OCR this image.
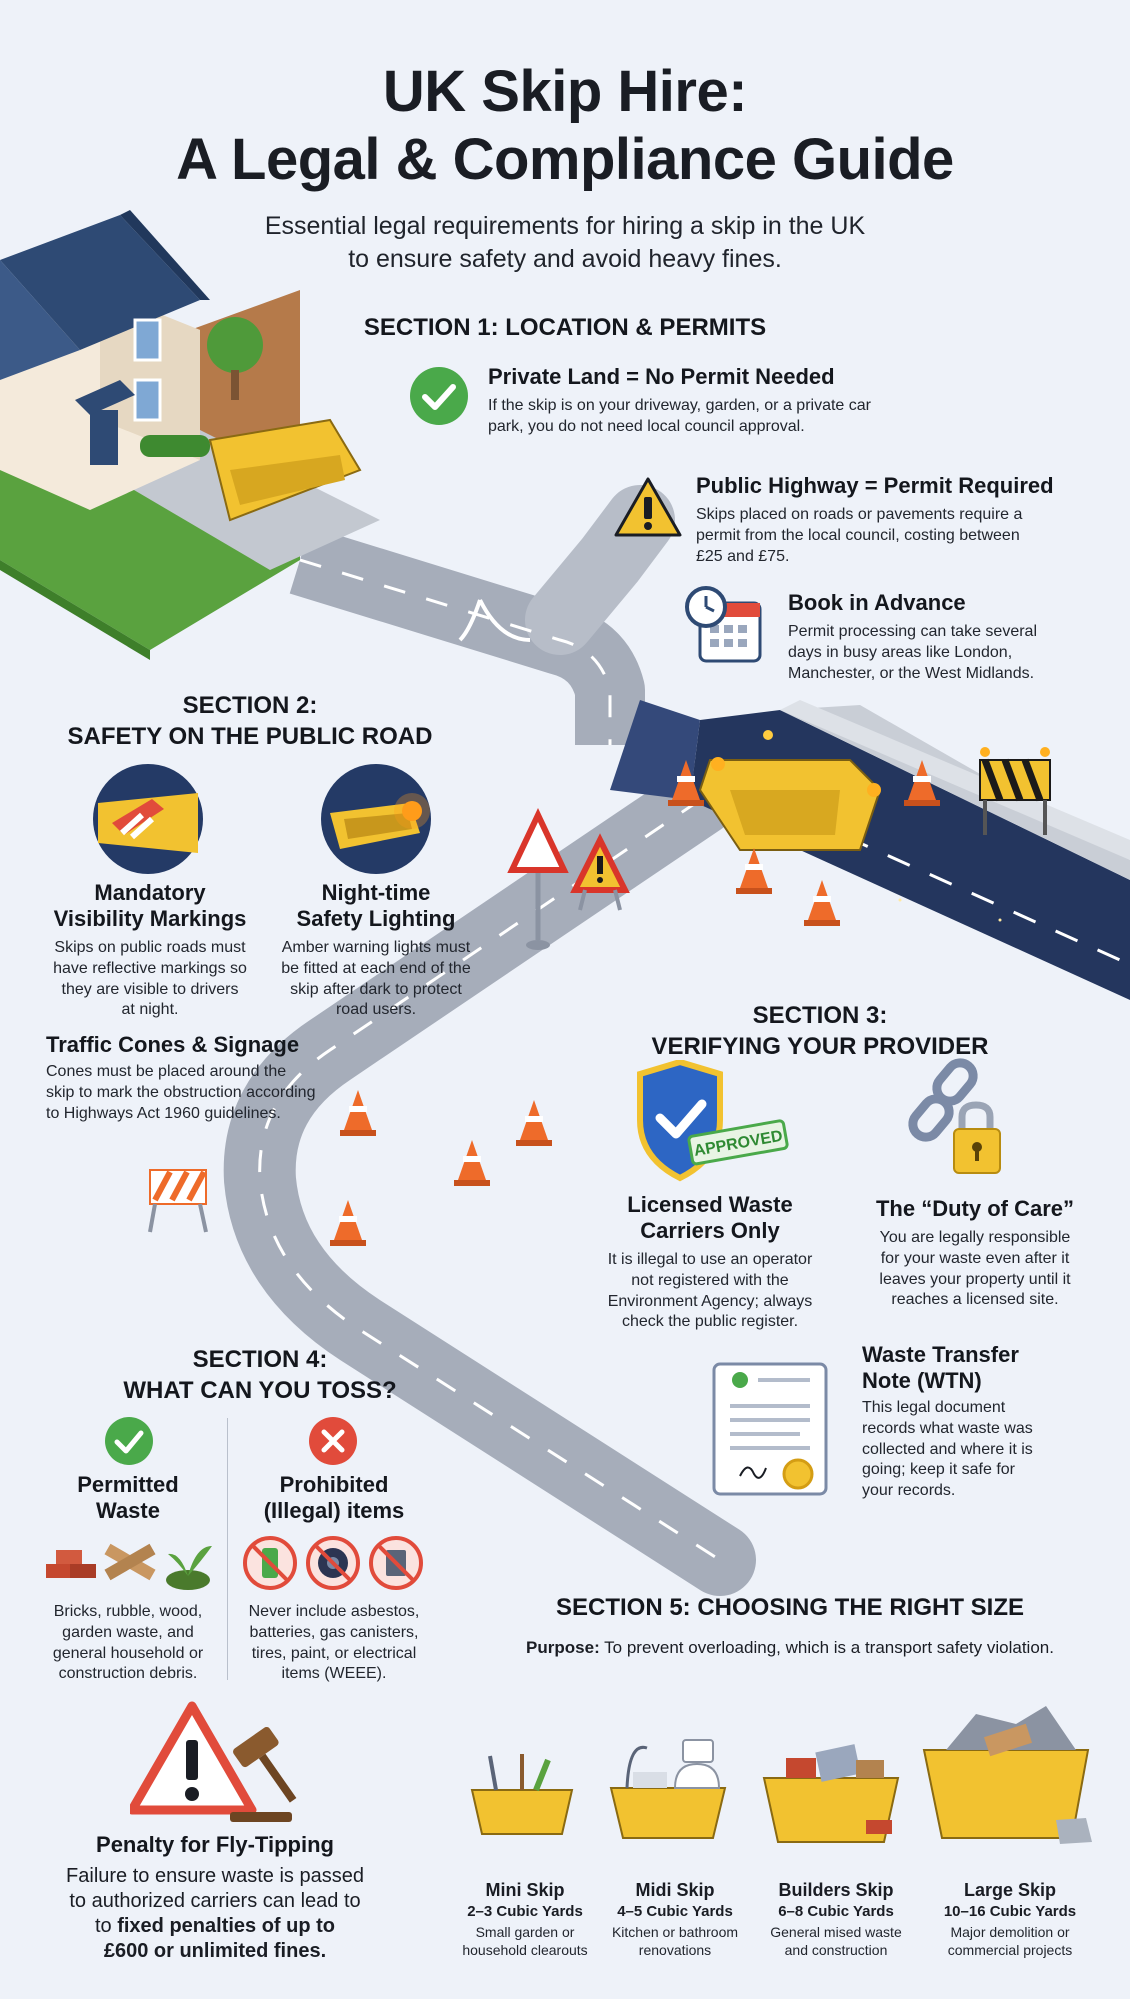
UK Skip Hire:
A Legal & Compliance Guide
Essential legal requirements for hiring a skip in the UK
to ensure safety and avoid heavy fines.
SECTION 1: LOCATION & PERMITS
Private Land = No Permit Needed
If the skip is on your driveway, garden, or a private car
park, you do not need local council approval.
Public Highway = Permit Required
Skips placed on roads or pavements require a
permit from the local council, costing between
£25 and £75.
Book in Advance
Permit processing can take several
days in busy areas like London,
Manchester, or the West Midlands.
SECTION 2:
SAFETY ON THE PUBLIC ROAD
Mandatory
Visibility Markings
Skips on public roads must
have reflective markings so
they are visible to drivers
at night.
Night-time
Safety Lighting
Amber warning lights must
be fitted at each end of the
skip after dark to protect
road users.
Traffic Cones & Signage
Cones must be placed around the
skip to mark the obstruction according
to Highways Act 1960 guidelines.
SECTION 3:
VERIFYING YOUR PROVIDER
APPROVED
Licensed Waste
Carriers Only
It is illegal to use an operator
not registered with the
Environment Agency; always
check the public register.
The “Duty of Care”
You are legally responsible
for your waste even after it
leaves your property until it
reaches a licensed site.
Waste Transfer
Note (WTN)
This legal document
records what waste was
collected and where it is
going; keep it safe for
your records.
SECTION 4:
WHAT CAN YOU TOSS?
Permitted
Waste
Prohibited
(Illegal) items
Bricks, rubble, wood,
garden waste, and
general household or
construction debris.
Never include asbestos,
batteries, gas canisters,
tires, paint, or electrical
items (WEEE).
Penalty for Fly-Tipping
Failure to ensure waste is passed
to authorized carriers can lead to
to fixed penalties of up to
£600 or unlimited fines.
SECTION 5: CHOOSING THE RIGHT SIZE
Purpose: To prevent overloading, which is a transport safety violation.
Mini Skip
2–3 Cubic Yards
Small garden or
household clearouts
Midi Skip
4–5 Cubic Yards
Kitchen or bathroom
renovations
Builders Skip
6–8 Cubic Yards
General mised waste
and construction
Large Skip
10–16 Cubic Yards
Major demolition or
commercial projects
